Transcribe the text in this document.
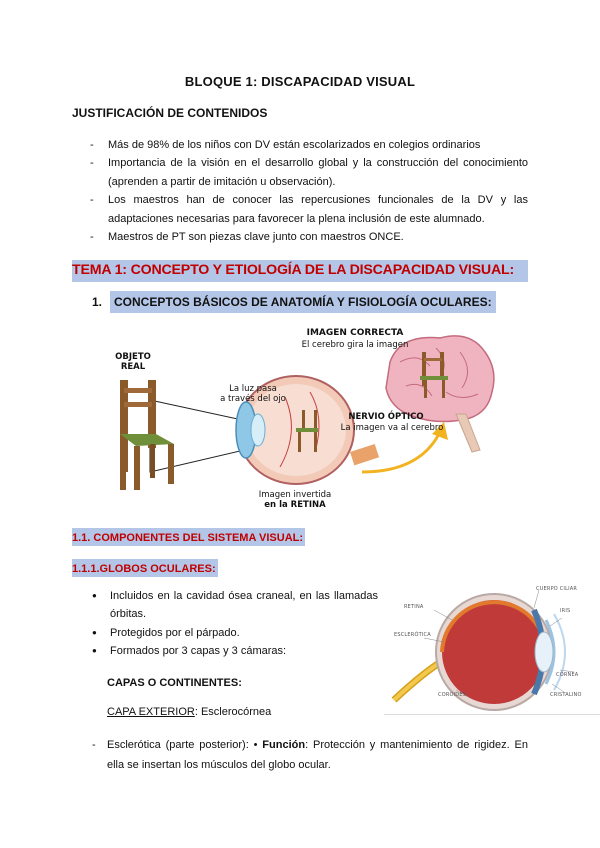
BLOQUE 1: DISCAPACIDAD VISUAL
JUSTIFICACIÓN DE CONTENIDOS
- Más de 98% de los niños con DV están escolarizados en colegios ordinarios
- Importancia de la visión en el desarrollo global y la construcción del conocimiento (aprenden a partir de imitación u observación).
- Los maestros han de conocer las repercusiones funcionales de la DV y las adaptaciones necesarias para favorecer la plena inclusión de este alumnado.
- Maestros de PT son piezas clave junto con maestros ONCE.
TEMA 1: CONCEPTO Y ETIOLOGÍA DE LA DISCAPACIDAD VISUAL:
1. CONCEPTOS BÁSICOS DE ANATOMÍA Y FISIOLOGÍA OCULARES:
OBJETO
REAL
IMAGEN CORRECTA
El cerebro gira la imagen
La luz pasa
a través del ojo
NERVIO ÓPTICO
La imagen va al cerebro
Imagen invertida
en la RETINA
1.1. COMPONENTES DEL SISTEMA VISUAL:
1.1.1.GLOBOS OCULARES:
● Incluidos en la cavidad ósea craneal, en las llamadas órbitas.
● Protegidos por el párpado.
● Formados por 3 capas y 3 cámaras:
CAPAS O CONTINENTES:
CAPA EXTERIOR: Esclerocórnea
-	Esclerótica (parte posterior): • Función: Protección y mantenimiento de rigidez. En ella se insertan los músculos del globo ocular.

CUERPO CILIAR
RETINA
IRIS
ESCLERÓTICA
CÓRNEA
COROIDES	CRISTALINO
